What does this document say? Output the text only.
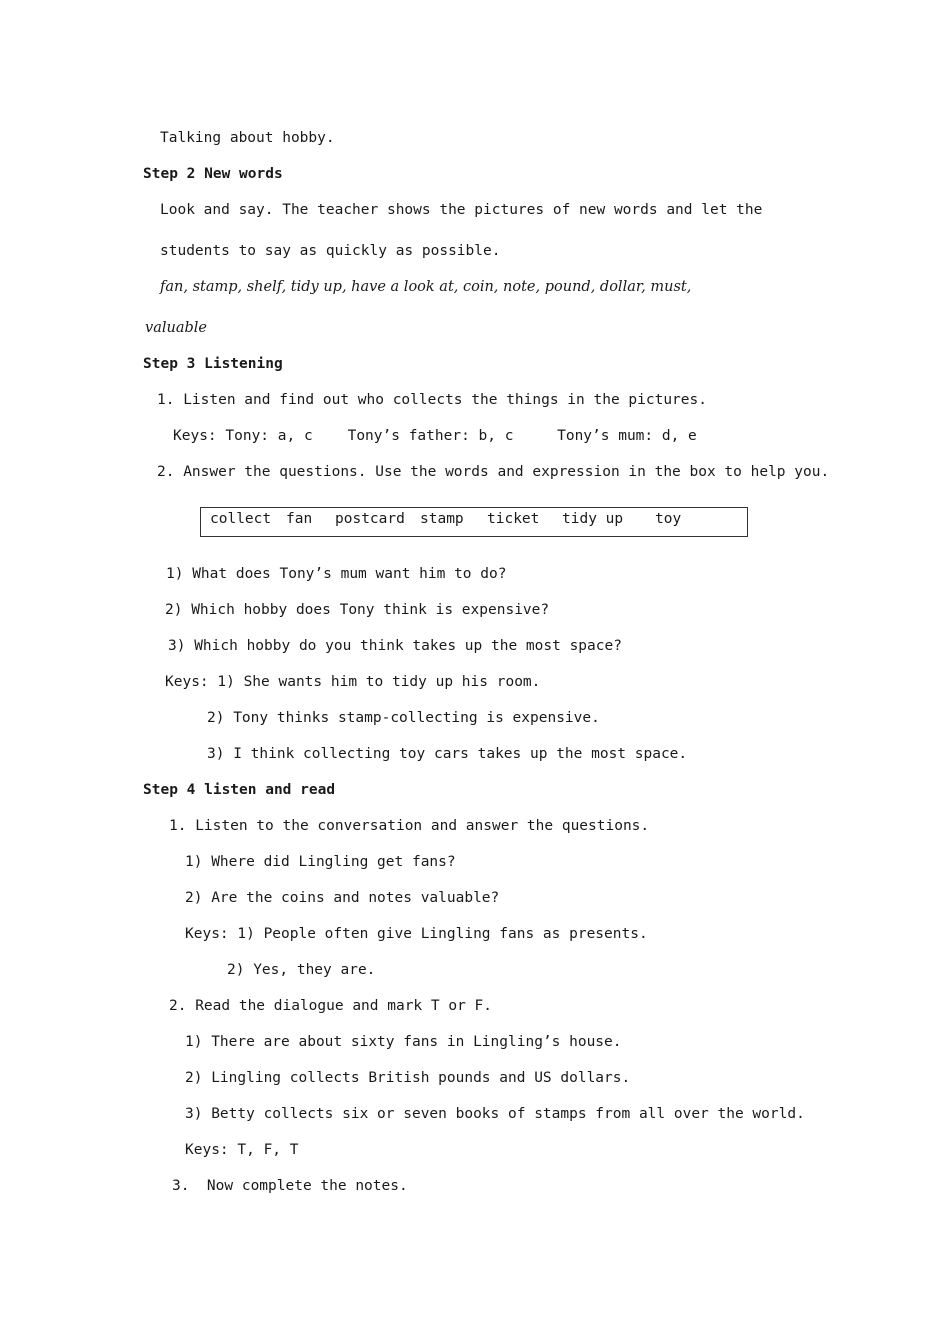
Talking about hobby.
Step 2 New words
Look and say. The teacher shows the pictures of new words and let the
students to say as quickly as possible.
fan, stamp, shelf, tidy up, have a look at, coin, note, pound, dollar, must,
valuable
Step 3 Listening
1. Listen and find out who collects the things in the pictures.
Keys: Tony: a, c    Tony’s father: b, c     Tony’s mum: d, e
2. Answer the questions. Use the words and expression in the box to help you.
collect fan postcard stamp ticket tidy up toy
1) What does Tony’s mum want him to do?
2) Which hobby does Tony think is expensive?
3) Which hobby do you think takes up the most space?
Keys: 1) She wants him to tidy up his room.
2) Tony thinks stamp-collecting is expensive.
3) I think collecting toy cars takes up the most space.
Step 4 listen and read
1. Listen to the conversation and answer the questions.
1) Where did Lingling get fans?
2) Are the coins and notes valuable?
Keys: 1) People often give Lingling fans as presents.
2) Yes, they are.
2. Read the dialogue and mark T or F.
1) There are about sixty fans in Lingling’s house.
2) Lingling collects British pounds and US dollars.
3) Betty collects six or seven books of stamps from all over the world.
Keys: T, F, T
3.  Now complete the notes.
